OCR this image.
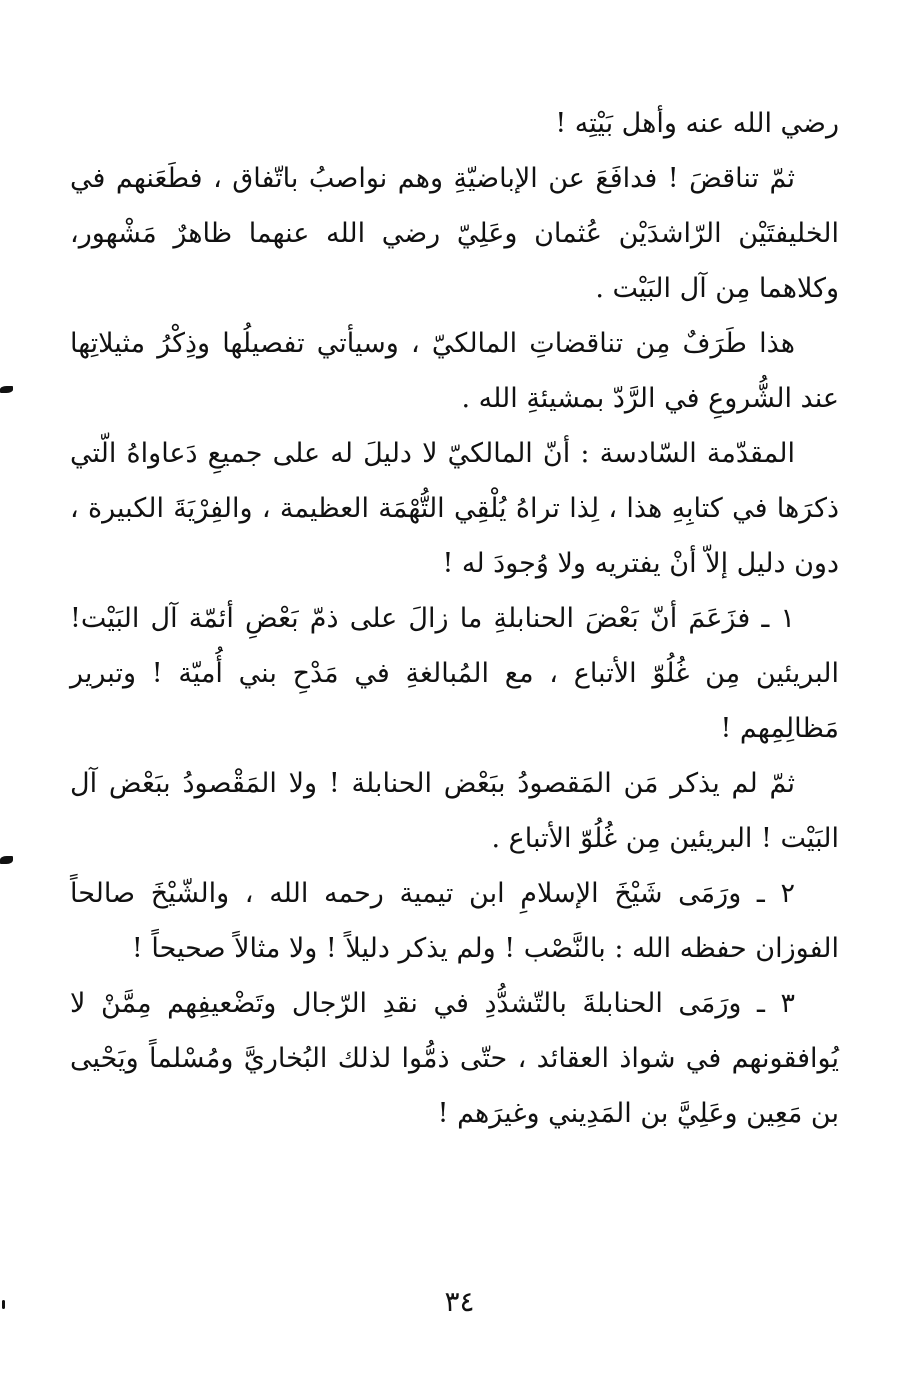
رضي الله عنه وأهل بَيْتِه !

ثمّ تناقضَ ! فدافَعَ عن الإباضيّةِ وهم نواصبُ باتّفاق ، فطَعَنهم في الخليفتَيْن الرّاشدَيْن عُثمان وعَلِيّ رضي الله عنهما ظاهرٌ مَشْهور، وكلاهما مِن آل البَيْت .

هذا طَرَفٌ مِن تناقضاتِ المالكيّ ، وسيأتي تفصيلُها وذِكْرُ مثيلاتِها عند الشُّروعِ في الرَّدّ بمشيئةِ الله .

المقدّمة السّادسة : أنّ المالكيّ لا دليلَ له على جميعِ دَعاواهُ الّتي ذكرَها في كتابِهِ هذا ، لِذا تراهُ يُلْقِي التُّهْمَة العظيمة ، والفِرْيَةَ الكبيرة ، دون دليل إلاّ أنْ يفتريه ولا وُجودَ له !

١ ـ فزَعَمَ أنّ بَعْضَ الحنابلةِ ما زالَ على ذمّ بَعْضِ أئمّة آل البَيْت! البريئين مِن غُلُوّ الأتباع ، مع المُبالغةِ في مَدْحِ بني أُميّة ! وتبرير مَظالِمِهم !

ثمّ لم يذكر مَن المَقصودُ ببَعْض الحنابلة ! ولا المَقْصودُ ببَعْض آل البَيْت ! البريئين مِن غُلُوّ الأتباع .

٢ ـ ورَمَى شَيْخَ الإسلامِ ابن تيمية رحمه الله ، والشّيْخَ صالحاً الفوزان حفظه الله : بالنَّصْب ! ولم يذكر دليلاً ! ولا مثالاً صحيحاً !

٣ ـ ورَمَى الحنابلةَ بالتّشدُّدِ في نقدِ الرّجال وتَضْعيفِهم مِمَّنْ لا يُوافقونهم في شواذ العقائد ، حتّى ذمُّوا لذلك البُخاريَّ ومُسْلماً ويَحْيى بن مَعِين وعَلِيَّ بن المَدِيني وغيرَهم !

٣٤
